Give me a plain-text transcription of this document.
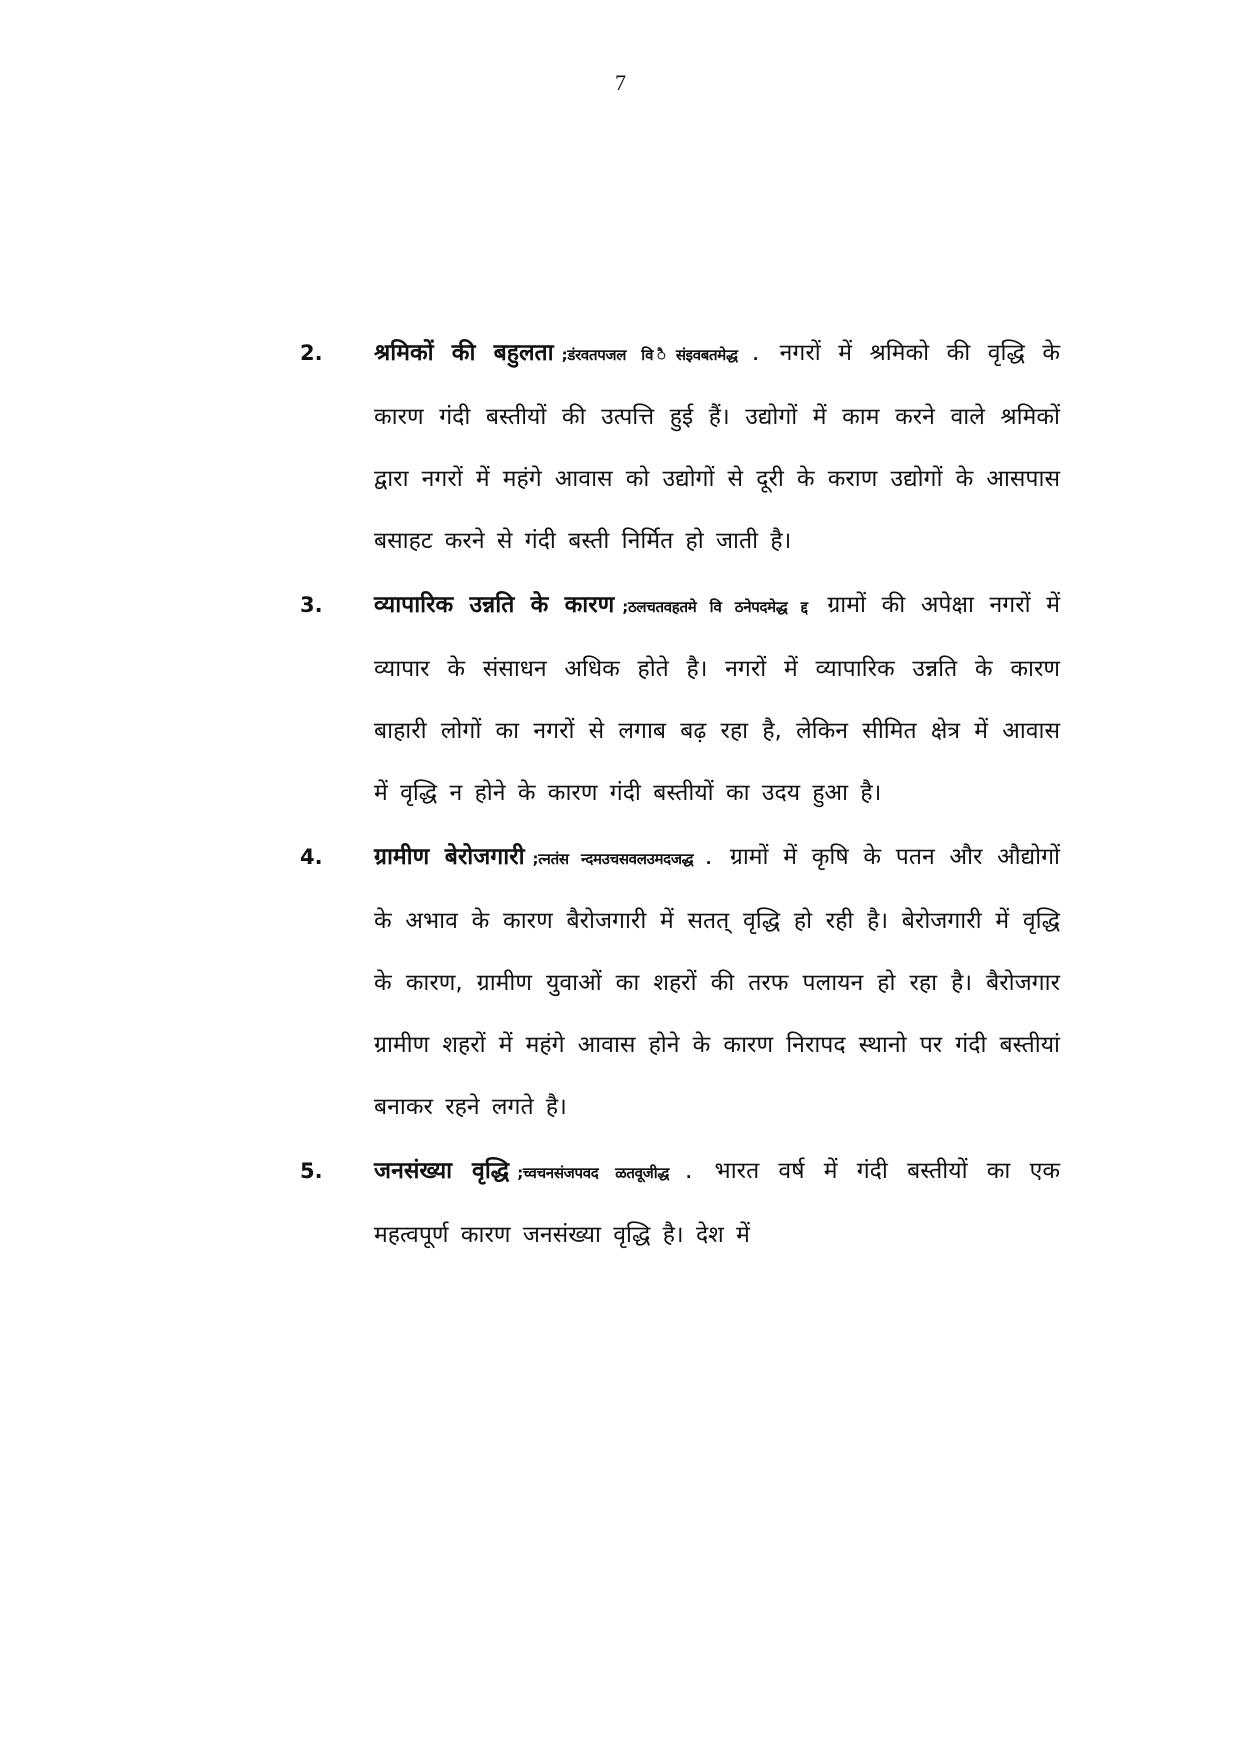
7
2. श्रमिकों की बहुलता ;डंरवतपजल वि ैसंइवबतमेद्ध . नगरों में श्रमिको की वृद्धि के कारण गंदी बस्तीयों की उत्पत्ति हुई हैं। उद्योगों में काम करने वाले श्रमिकों द्वारा नगरों में महंगे आवास को उद्योगों से दूरी के कराण उद्योगों के आसपास बसाहट करने से गंदी बस्ती निर्मित हो जाती है।
3. व्यापारिक उन्नति के कारण ;ठलचतवहतमे वि ठनेपदमेद्ध द्द ग्रामों की अपेक्षा नगरों में व्यापार के संसाधन अधिक होते है। नगरों में व्यापारिक उन्नति के कारण बाहारी लोगों का नगरों से लगाब बढ़ रहा है, लेकिन सीमित क्षेत्र में आवास में वृद्धि न होने के कारण गंदी बस्तीयों का उदय हुआ है।
4. ग्रामीण बेरोजगारी ;त्नतंस न्दमउचसवलउमदजद्ध . ग्रामों में कृषि के पतन और औद्योगों के अभाव के कारण बैरोजगारी में सतत् वृद्धि हो रही है। बेरोजगारी में वृद्धि के कारण, ग्रामीण युवाओं का शहरों की तरफ पलायन हो रहा है। बैरोजगार ग्रामीण शहरों में महंगे आवास होने के कारण निरापद स्थानो पर गंदी बस्तीयां बनाकर रहने लगते है।
5. जनसंख्या वृद्धि ;च्वचनसंजपवद ळतवूजीद्ध . भारत वर्ष में गंदी बस्तीयों का एक महत्वपूर्ण कारण जनसंख्या वृद्धि है। देश में
